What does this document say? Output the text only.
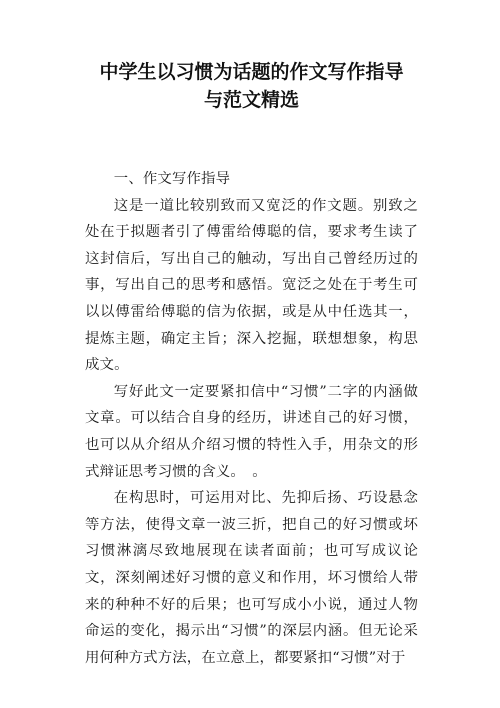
中学生以习惯为话题的作文写作指导
与范文精选

一、作文写作指导

这是一道比较别致而又宽泛的作文题。别致之处在于拟题者引了傅雷给傅聪的信，要求考生读了这封信后，写出自己的触动，写出自己曾经历过的事，写出自己的思考和感悟。宽泛之处在于考生可以以傅雷给傅聪的信为依据，或是从中任选其一，提炼主题，确定主旨；深入挖掘，联想想象，构思成文。

写好此文一定要紧扣信中“习惯”二字的内涵做文章。可以结合自身的经历，讲述自己的好习惯，也可以从介绍从介绍习惯的特性入手，用杂文的形式辩证思考习惯的含义。　。

在构思时，可运用对比、先抑后扬、巧设悬念等方法，使得文章一波三折，把自己的好习惯或坏习惯淋漓尽致地展现在读者面前；也可写成议论文，深刻阐述好习惯的意义和作用，坏习惯给人带来的种种不好的后果；也可写成小小说，通过人物命运的变化，揭示出“习惯”的深层内涵。但无论采用何种方式方法，在立意上，都要紧扣“习惯”对于
